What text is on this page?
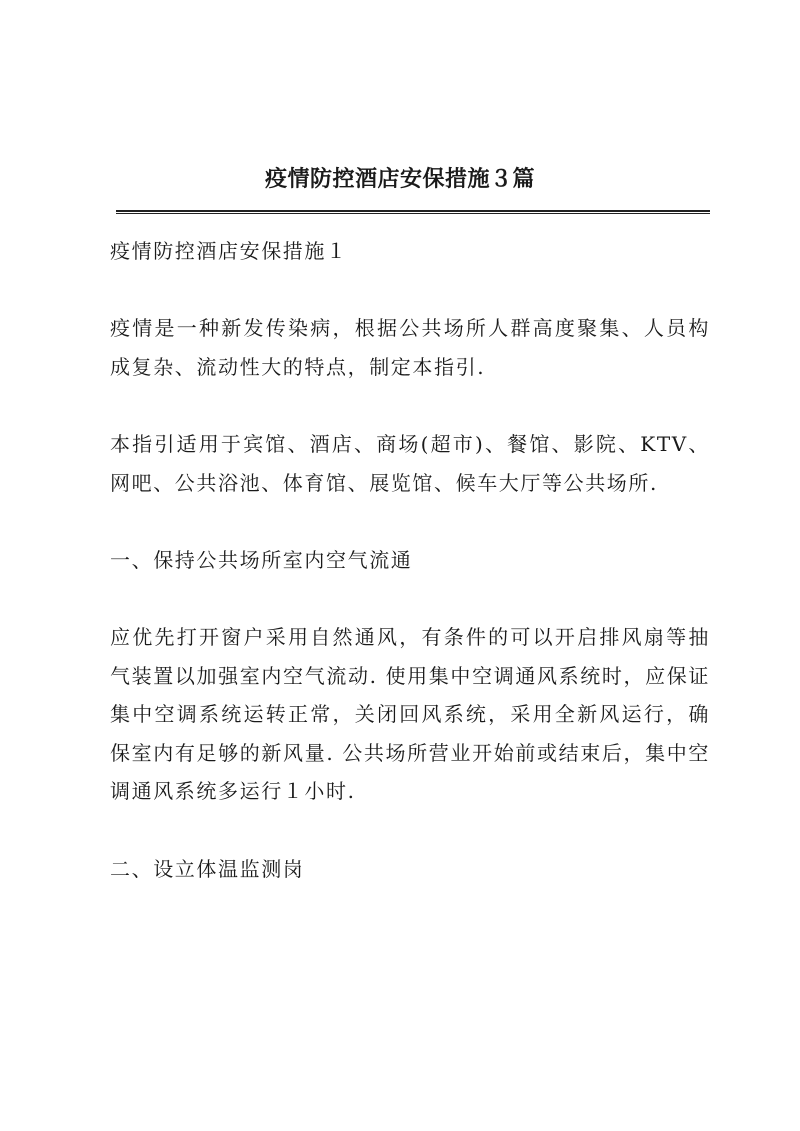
疫情防控酒店安保措施３篇

疫情防控酒店安保措施１

疫情是一种新发传染病，根据公共场所人群高度聚集、人员构成复杂、流动性大的特点，制定本指引.

本指引适用于宾馆、酒店、商场(超市)、餐馆、影院、KTV、网吧、公共浴池、体育馆、展览馆、候车大厅等公共场所.

一、保持公共场所室内空气流通

应优先打开窗户采用自然通风，有条件的可以开启排风扇等抽气装置以加强室内空气流动. 使用集中空调通风系统时，应保证集中空调系统运转正常，关闭回风系统，采用全新风运行，确保室内有足够的新风量. 公共场所营业开始前或结束后，集中空调通风系统多运行１小时.

二、设立体温监测岗
